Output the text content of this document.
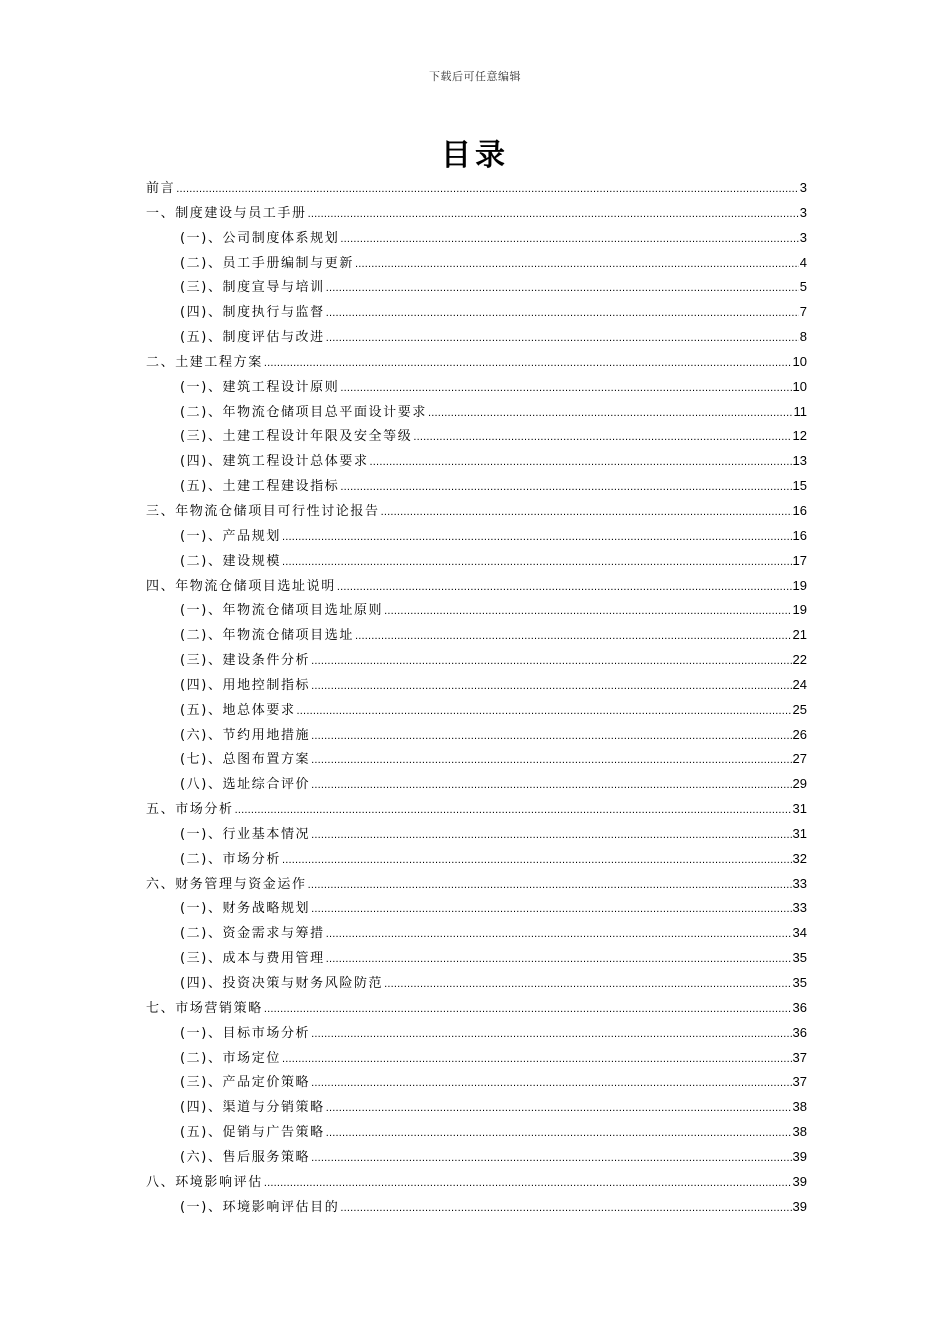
下载后可任意编辑
目录
前言 .....	3
一、制度建设与员工手册 .....	3
(一)、公司制度体系规划 .....	3
(二)、员工手册编制与更新 .....	4
(三)、制度宣导与培训 .....	5
(四)、制度执行与监督 .....	7
(五)、制度评估与改进 .....	8
二、土建工程方案 .....	10
(一)、建筑工程设计原则 .....	10
(二)、年物流仓储项目总平面设计要求 .....	11
(三)、土建工程设计年限及安全等级 .....	12
(四)、建筑工程设计总体要求 .....	13
(五)、土建工程建设指标 .....	15
三、年物流仓储项目可行性讨论报告 .....	16
(一)、产品规划 .....	16
(二)、建设规模 .....	17
四、年物流仓储项目选址说明 .....	19
(一)、年物流仓储项目选址原则 .....	19
(二)、年物流仓储项目选址 .....	21
(三)、建设条件分析 .....	22
(四)、用地控制指标 .....	24
(五)、地总体要求 .....	25
(六)、节约用地措施 .....	26
(七)、总图布置方案 .....	27
(八)、选址综合评价 .....	29
五、市场分析 .....	31
(一)、行业基本情况 .....	31
(二)、市场分析 .....	32
六、财务管理与资金运作 .....	33
(一)、财务战略规划 .....	33
(二)、资金需求与筹措 .....	34
(三)、成本与费用管理 .....	35
(四)、投资决策与财务风险防范 .....	35
七、市场营销策略 .....	36
(一)、目标市场分析 .....	36
(二)、市场定位 .....	37
(三)、产品定价策略 .....	37
(四)、渠道与分销策略 .....	38
(五)、促销与广告策略 .....	38
(六)、售后服务策略 .....	39
八、环境影响评估 .....	39
(一)、环境影响评估目的 .....	39
